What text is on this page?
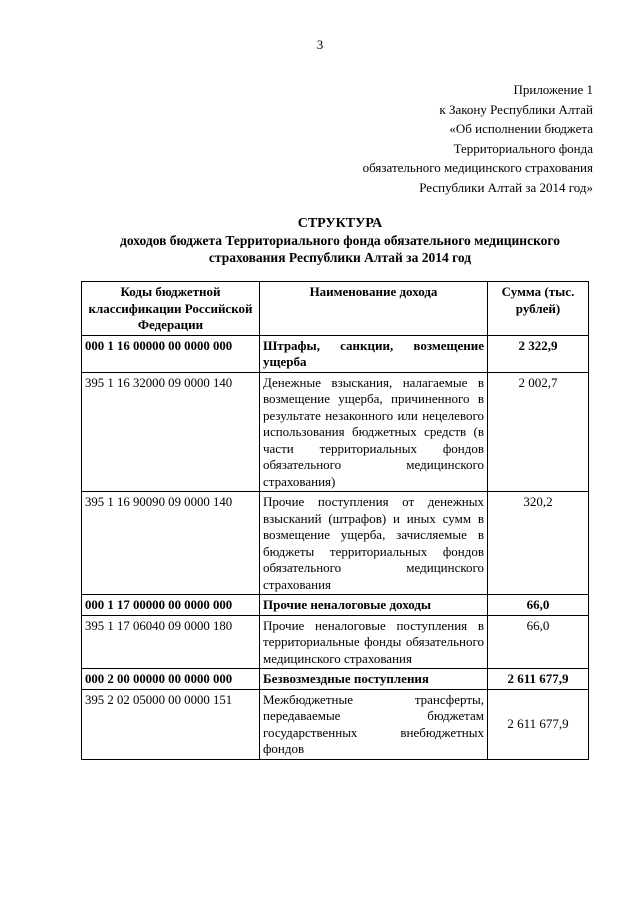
3
Приложение 1
к Закону Республики Алтай
«Об исполнении бюджета
Территориального фонда
обязательного медицинского страхования
Республики Алтай за 2014 год»
СТРУКТУРА
доходов бюджета Территориального фонда обязательного медицинского
страхования Республики Алтай за 2014 год
Коды бюджетной классификации Российской Федерации	Наименование дохода	Сумма (тыс. рублей)
000 1 16 00000 00 0000 000	Штрафы, санкции, возмещение ущерба	2 322,9
395 1 16 32000 09 0000 140	Денежные взыскания, налагаемые в возмещение ущерба, причиненного в результате незаконного или нецелевого использования бюджетных средств (в части территориальных фондов обязательного медицинского страхования)	2 002,7
395 1 16 90090 09 0000 140	Прочие поступления от денежных взысканий (штрафов) и иных сумм в возмещение ущерба, зачисляемые в бюджеты территориальных фондов обязательного медицинского страхования	320,2
000 1 17 00000 00 0000 000	Прочие неналоговые доходы	66,0
395 1 17 06040 09 0000 180	Прочие неналоговые поступления в территориальные фонды обязательного медицинского страхования	66,0
000 2 00 00000 00 0000 000	Безвозмездные поступления	2 611 677,9
395 2 02 05000 00 0000 151	Межбюджетные трансферты, передаваемые бюджетам государственных внебюджетных фондов	2 611 677,9
